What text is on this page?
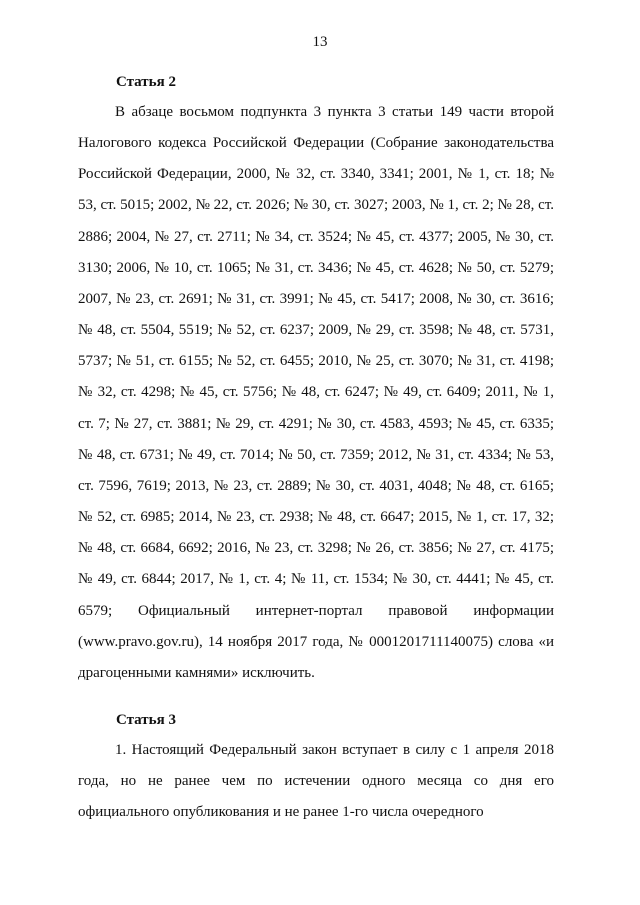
13
Статья 2

В абзаце восьмом подпункта 3 пункта 3 статьи 149 части второй Налогового кодекса Российской Федерации (Собрание законодательства Российской Федерации, 2000, № 32, ст. 3340, 3341; 2001, № 1, ст. 18; № 53, ст. 5015; 2002, № 22, ст. 2026; № 30, ст. 3027; 2003, № 1, ст. 2; № 28, ст. 2886; 2004, № 27, ст. 2711; № 34, ст. 3524; № 45, ст. 4377; 2005, № 30, ст. 3130; 2006, № 10, ст. 1065; № 31, ст. 3436; № 45, ст. 4628; № 50, ст. 5279; 2007, № 23, ст. 2691; № 31, ст. 3991; № 45, ст. 5417; 2008, № 30, ст. 3616; № 48, ст. 5504, 5519; № 52, ст. 6237; 2009, № 29, ст. 3598; № 48, ст. 5731, 5737; № 51, ст. 6155; № 52, ст. 6455; 2010, № 25, ст. 3070; № 31, ст. 4198; № 32, ст. 4298; № 45, ст. 5756; № 48, ст. 6247; № 49, ст. 6409; 2011, № 1, ст. 7; № 27, ст. 3881; № 29, ст. 4291; № 30, ст. 4583, 4593; № 45, ст. 6335; № 48, ст. 6731; № 49, ст. 7014; № 50, ст. 7359; 2012, № 31, ст. 4334; № 53, ст. 7596, 7619; 2013, № 23, ст. 2889; № 30, ст. 4031, 4048; № 48, ст. 6165; № 52, ст. 6985; 2014, № 23, ст. 2938; № 48, ст. 6647; 2015, № 1, ст. 17, 32; № 48, ст. 6684, 6692; 2016, № 23, ст. 3298; № 26, ст. 3856; № 27, ст. 4175; № 49, ст. 6844; 2017, № 1, ст. 4; № 11, ст. 1534; № 30, ст. 4441; № 45, ст. 6579; Официальный интернет-портал правовой информации (www.pravo.gov.ru), 14 ноября 2017 года, № 0001201711140075) слова «и драгоценными камнями» исключить.

Статья 3

1. Настоящий Федеральный закон вступает в силу с 1 апреля 2018 года, но не ранее чем по истечении одного месяца со дня его официального опубликования и не ранее 1-го числа очередного
